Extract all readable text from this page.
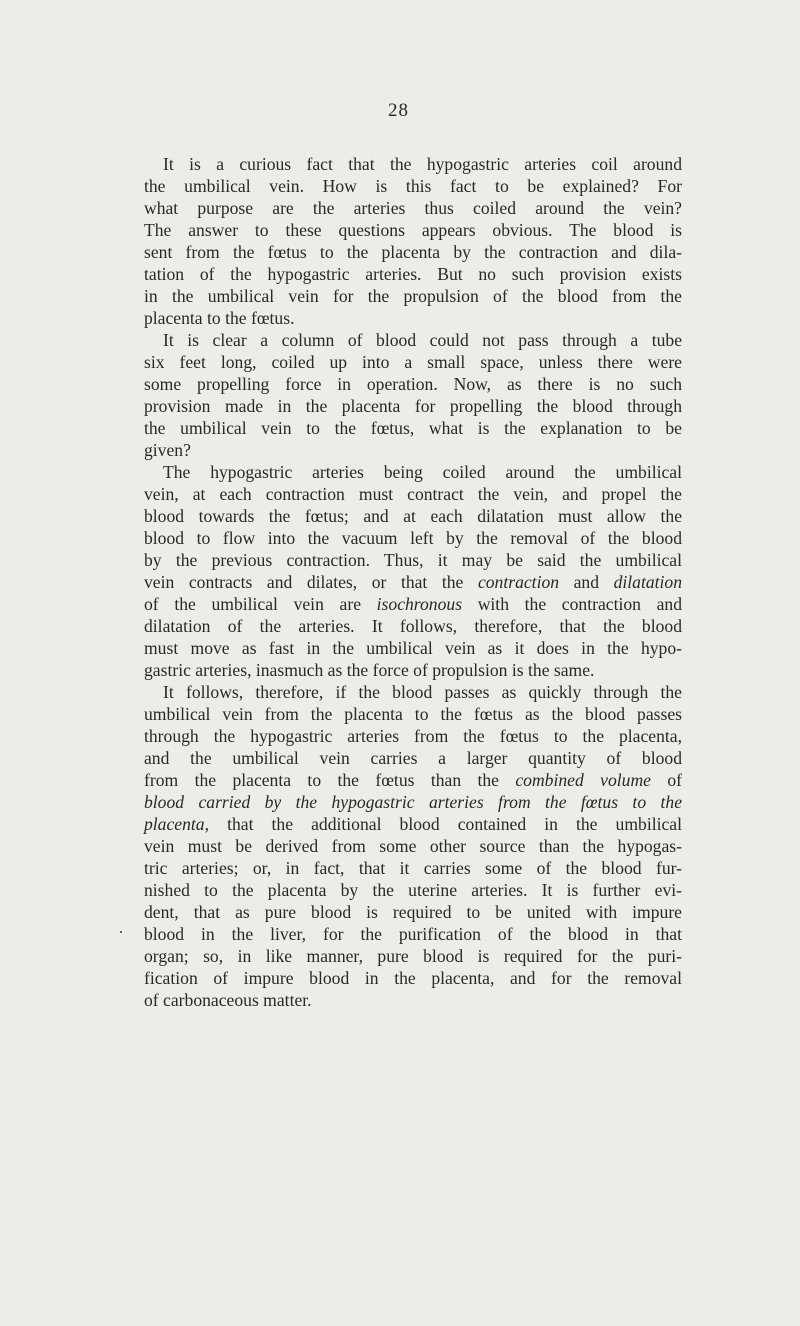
28
It is a curious fact that the hypogastric arteries coil around
the umbilical vein. How is this fact to be explained? For
what purpose are the arteries thus coiled around the vein?
The answer to these questions appears obvious. The blood is
sent from the fœtus to the placenta by the contraction and dila-
tation of the hypogastric arteries. But no such provision exists
in the umbilical vein for the propulsion of the blood from the
placenta to the fœtus.
It is clear a column of blood could not pass through a tube
six feet long, coiled up into a small space, unless there were
some propelling force in operation. Now, as there is no such
provision made in the placenta for propelling the blood through
the umbilical vein to the fœtus, what is the explanation to be
given?
The hypogastric arteries being coiled around the umbilical
vein, at each contraction must contract the vein, and propel the
blood towards the fœtus; and at each dilatation must allow the
blood to flow into the vacuum left by the removal of the blood
by the previous contraction. Thus, it may be said the umbilical
vein contracts and dilates, or that the contraction and dilatation
of the umbilical vein are isochronous with the contraction and
dilatation of the arteries. It follows, therefore, that the blood
must move as fast in the umbilical vein as it does in the hypo-
gastric arteries, inasmuch as the force of propulsion is the same.
It follows, therefore, if the blood passes as quickly through the
umbilical vein from the placenta to the fœtus as the blood passes
through the hypogastric arteries from the fœtus to the placenta,
and the umbilical vein carries a larger quantity of blood
from the placenta to the fœtus than the combined volume of
blood carried by the hypogastric arteries from the fœtus to the
placenta, that the additional blood contained in the umbilical
vein must be derived from some other source than the hypogas-
tric arteries; or, in fact, that it carries some of the blood fur-
nished to the placenta by the uterine arteries. It is further evi-
dent, that as pure blood is required to be united with impure
blood in the liver, for the purification of the blood in that
organ; so, in like manner, pure blood is required for the puri-
fication of impure blood in the placenta, and for the removal
of carbonaceous matter.
.
